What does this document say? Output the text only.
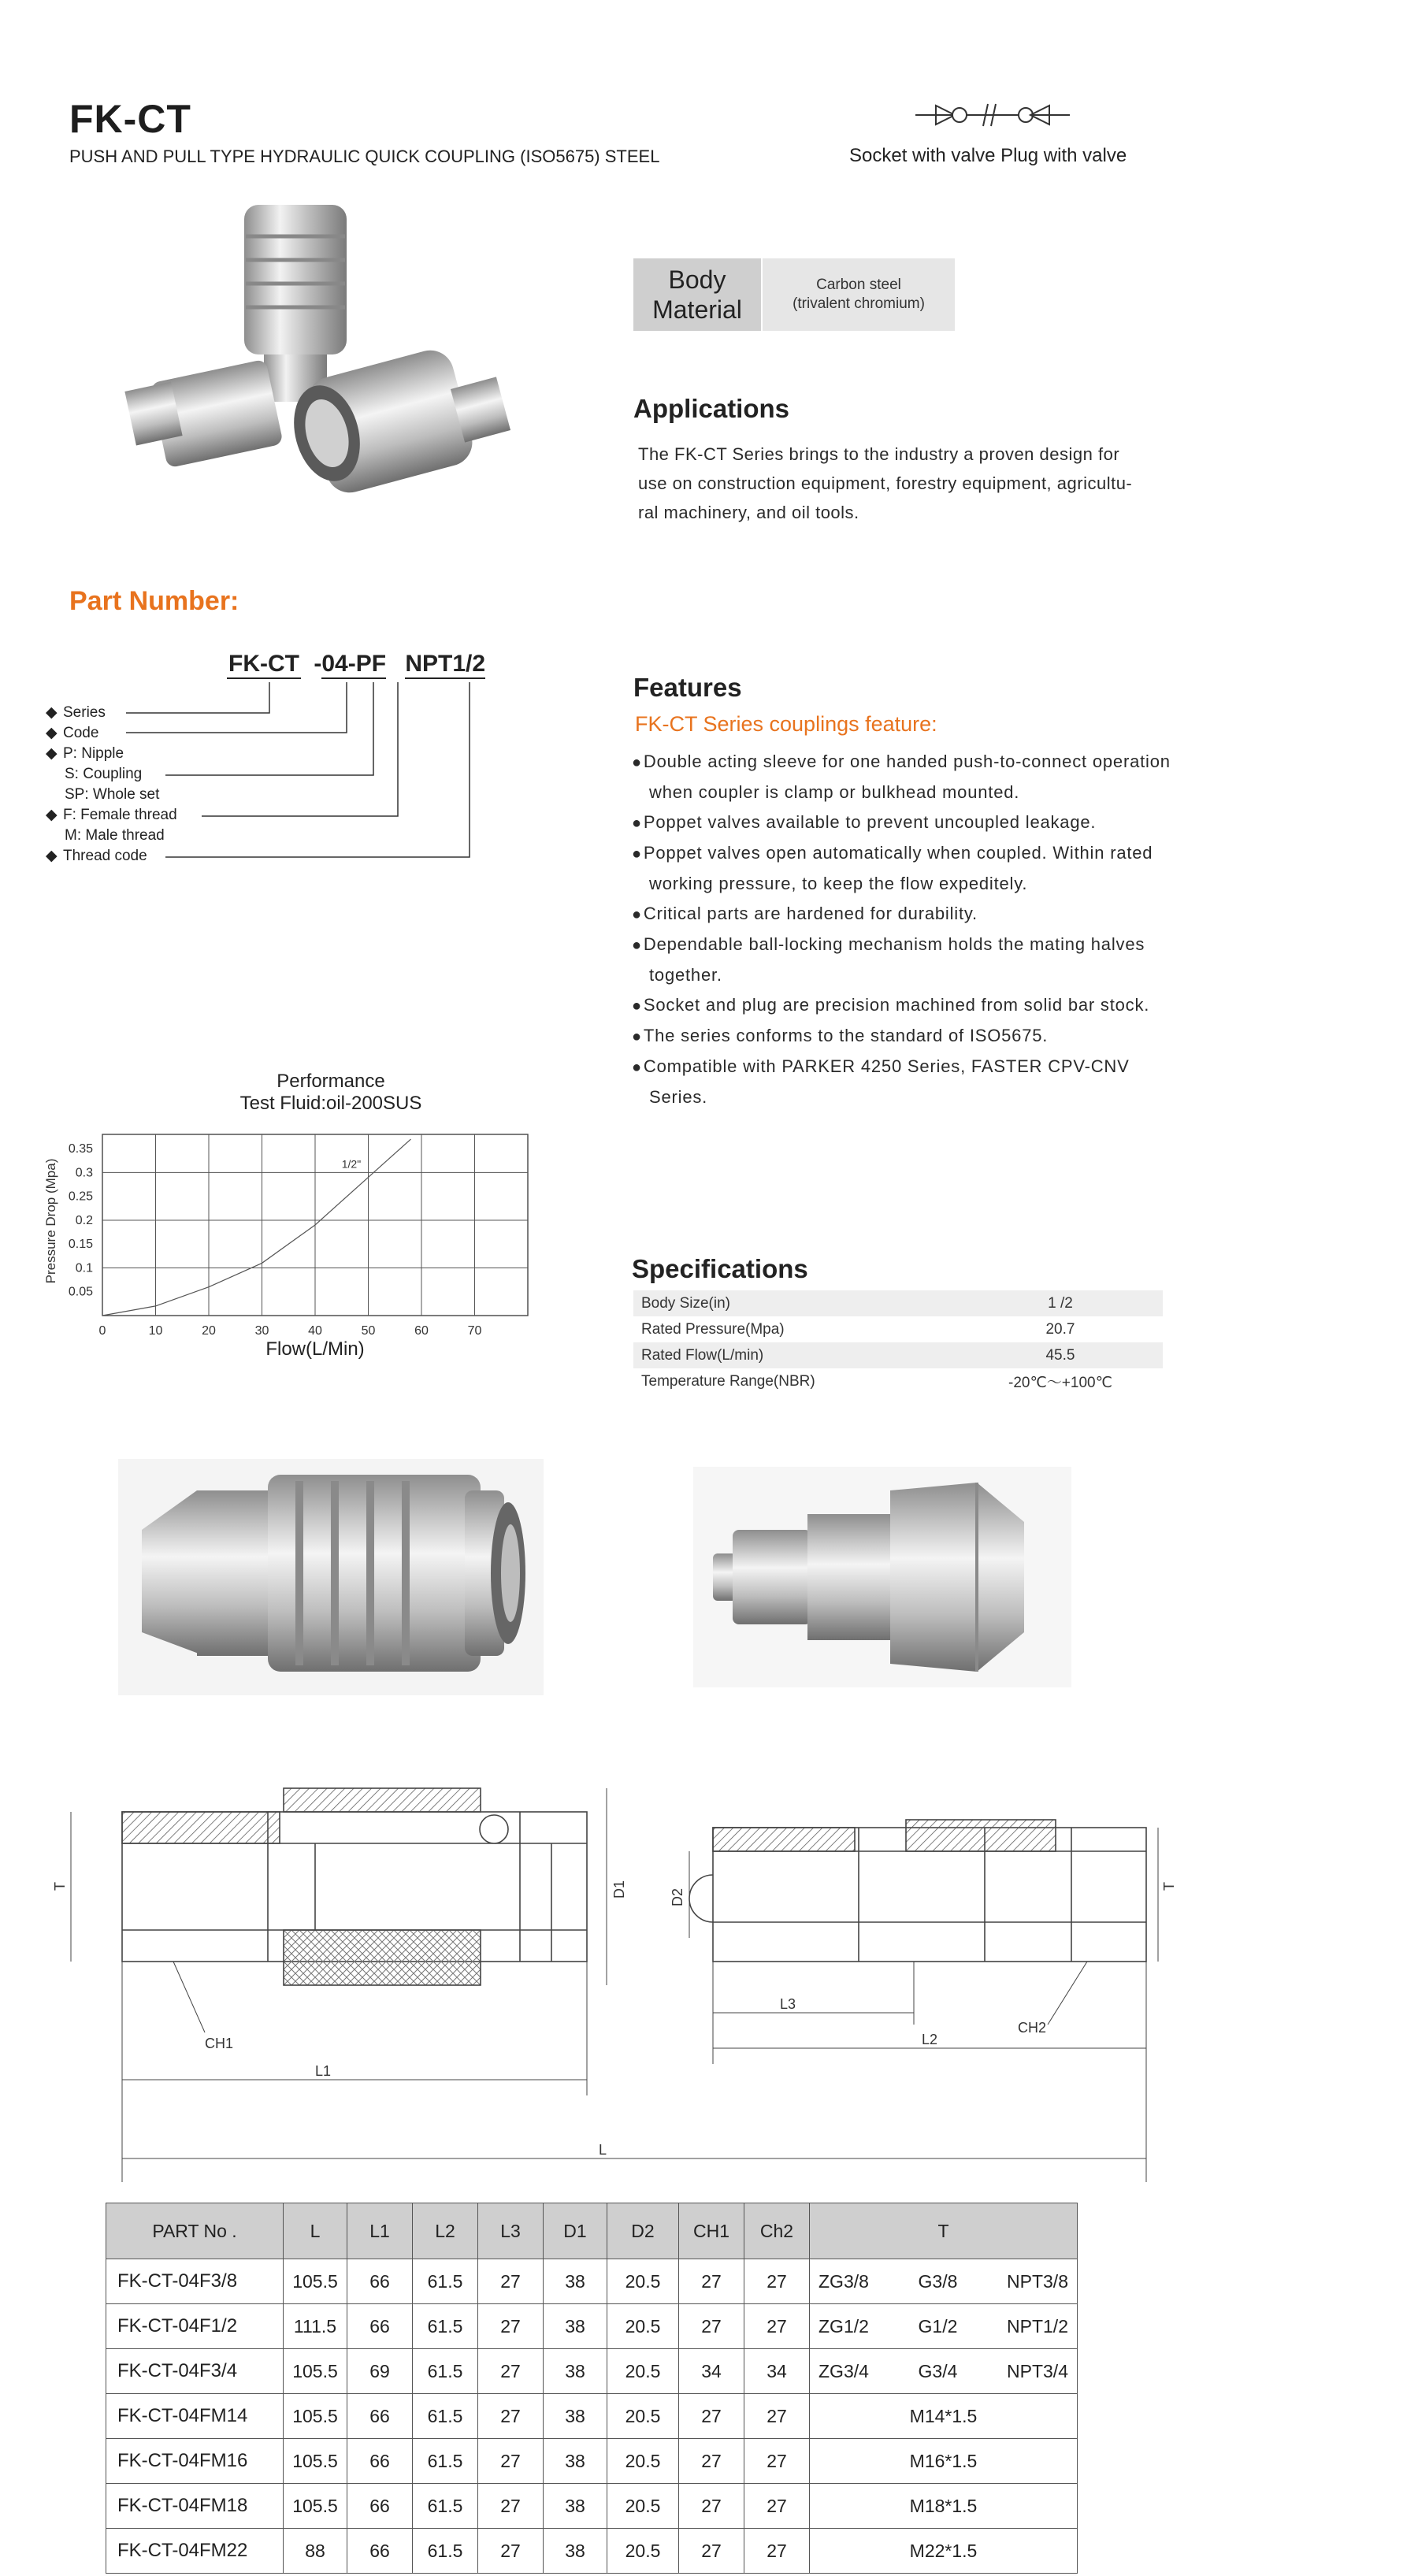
FK-CT
PUSH AND PULL TYPE HYDRAULIC QUICK COUPLING (ISO5675) STEEL	Socket with valve Plug with valve
Body
Material
Carbon steel
(trivalent chromium)
Applications
The FK-CT Series brings to the industry a proven design for
use on construction equipment, forestry equipment, agricultu-
ral machinery, and oil tools.
Part Number:
FK-CT -04-PF NPT1/2
◆ Series
◆ Code
◆ P: Nipple
S: Coupling
SP: Whole set
◆ F: Female thread
M: Male thread
◆ Thread code
Features
FK-CT Series couplings feature:
● Double acting sleeve for one handed push-to-connect operation when coupler is clamp or bulkhead mounted.
● Poppet valves available to prevent uncoupled leakage.
● Poppet valves open automatically when coupled. Within rated working pressure, to keep the flow expeditely.
● Critical parts are hardened for durability.
● Dependable ball-locking mechanism holds the mating halves together.
● Socket and plug are precision machined from solid bar stock.
● The series conforms to the standard of ISO5675.
● Compatible with PARKER 4250 Series, FASTER CPV-CNV Series.
Performance
Test Fluid:oil-200SUS
0	10	20	30	40	50	60	70
0.05
0.1
0.15
0.2
0.25
0.3
0.35
Flow(L/Min)
Pressure Drop (Mpa)	1/2"
Specifications
Body Size(in)	1 /2
Rated Pressure(Mpa)	20.7
Rated Flow(L/min)	45.5
Temperature Range(NBR)	-20℃～+100℃
T	D1
CH1
L1
L
D2
L3
CH2
L2
T
PART No .	L	L1	L2	L3	D1	D2	CH1	Ch2	T
FK-CT-04F3/8	105.5	66	61.5	27	38	20.5	27	27	ZG3/8 G3/8 NPT3/8

FK-CT-04F1/2	111.5	66	61.5	27	38	20.5	27	27	ZG1/2 G1/2 NPT1/2

FK-CT-04F3/4	105.5	69	61.5	27	38	20.5	34	34	ZG3/4 G3/4 NPT3/4

FK-CT-04FM14	105.5	66	61.5	27	38	20.5	27	27	M14*1.5
FK-CT-04FM16	105.5	66	61.5	27	38	20.5	27	27	M16*1.5
FK-CT-04FM18	105.5	66	61.5	27	38	20.5	27	27	M18*1.5
FK-CT-04FM22	88	66	61.5	27	38	20.5	27	27	M22*1.5
